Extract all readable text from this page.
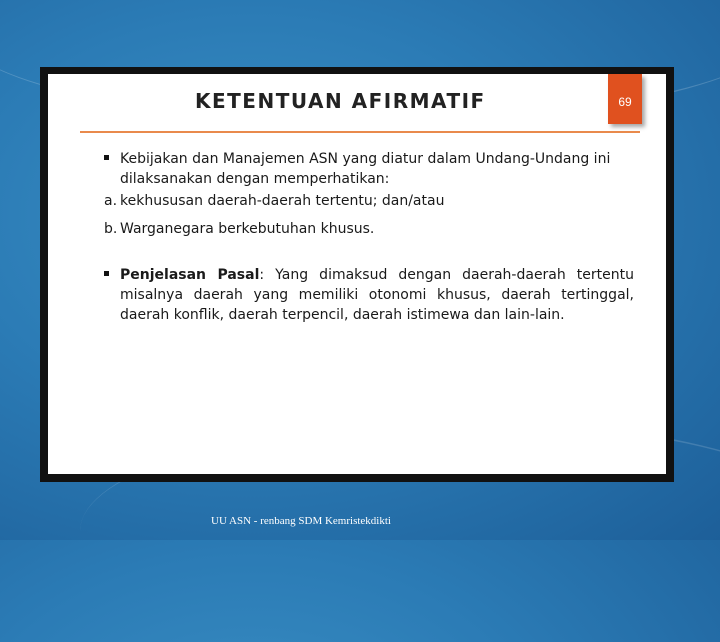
KETENTUAN AFIRMATIF	69
Kebijakan dan Manajemen ASN yang diatur dalam Undang-Undang ini dilaksanakan dengan memperhatikan:
a. kekhususan daerah-daerah tertentu; dan/atau
b. Warganegara berkebutuhan khusus.
Penjelasan Pasal: Yang dimaksud dengan daerah-daerah tertentu misalnya daerah yang memiliki otonomi khusus, daerah tertinggal, daerah konflik, daerah terpencil, daerah istimewa dan lain-lain.
UU ASN - renbang SDM Kemristekdikti
